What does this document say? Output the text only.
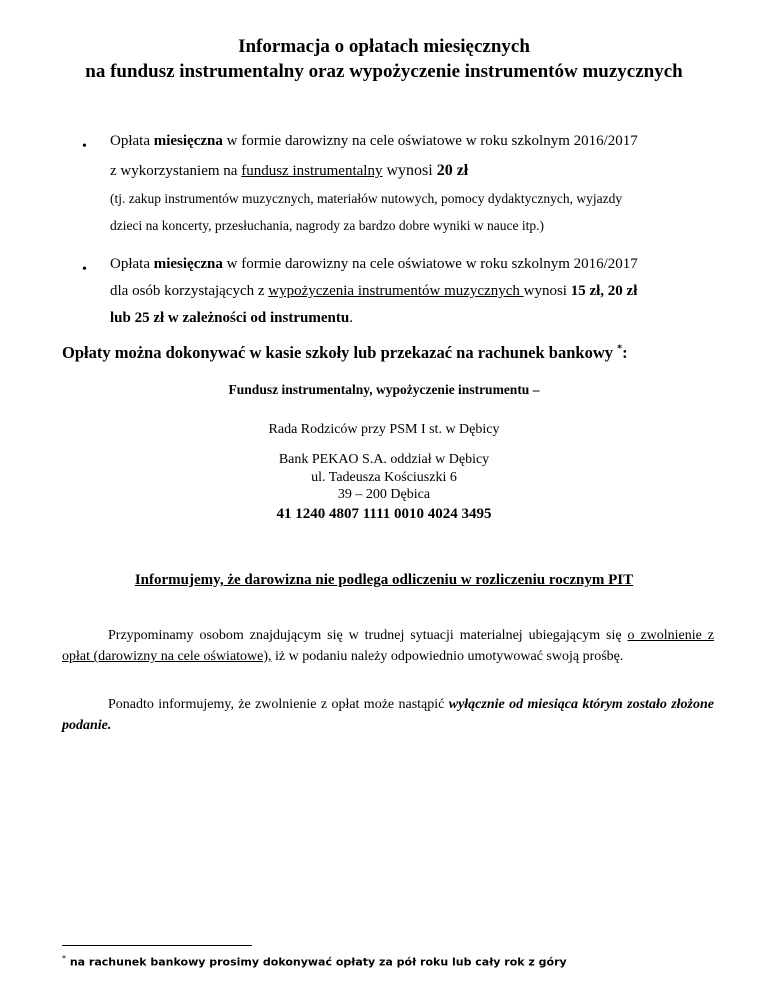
Informacja o opłatach miesięcznych
na fundusz instrumentalny oraz wypożyczenie instrumentów muzycznych
• Opłata miesięczna w formie darowizny na cele oświatowe w roku szkolnym 2016/2017
z wykorzystaniem na fundusz instrumentalny wynosi 20 zł
(tj. zakup instrumentów muzycznych, materiałów nutowych, pomocy dydaktycznych, wyjazdy
dzieci na koncerty, przesłuchania, nagrody za bardzo dobre wyniki w nauce itp.)
• Opłata miesięczna w formie darowizny na cele oświatowe w roku szkolnym 2016/2017
dla osób korzystających z wypożyczenia instrumentów muzycznych wynosi 15 zł, 20 zł
lub 25 zł w zależności od instrumentu.
Opłaty można dokonywać w kasie szkoły lub przekazać na rachunek bankowy *:
Fundusz instrumentalny, wypożyczenie instrumentu –
Rada Rodziców przy PSM I st. w Dębicy
Bank PEKAO S.A. oddział w Dębicy
ul. Tadeusza Kościuszki 6
39 – 200 Dębica
41 1240 4807 1111 0010 4024 3495
Informujemy, że darowizna nie podlega odliczeniu w rozliczeniu rocznym PIT
Przypominamy osobom znajdującym się w trudnej sytuacji materialnej ubiegającym się o zwolnienie z opłat (darowizny na cele oświatowe), iż w podaniu należy odpowiednio umotywować swoją prośbę.
Ponadto informujemy, że zwolnienie z opłat może nastąpić wyłącznie od miesiąca którym zostało złożone podanie.
* na rachunek bankowy prosimy dokonywać opłaty za pół roku lub cały rok z góry
